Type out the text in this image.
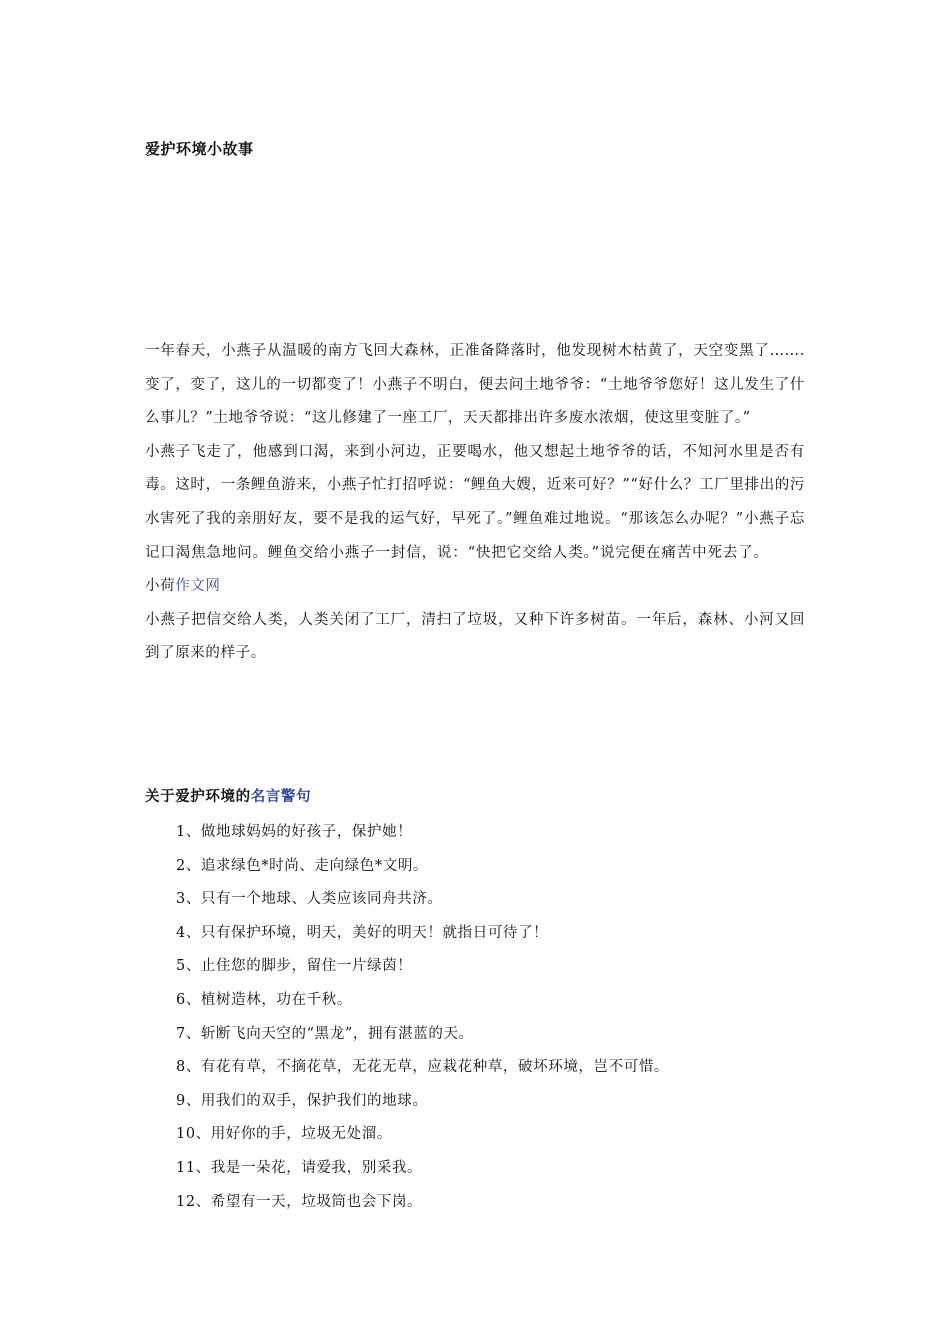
爱护环境小故事

一年春天，小燕子从温暖的南方飞回大森林，正准备降落时，他发现树木枯黄了，天空变黑了…….变了，变了，这儿的一切都变了！小燕子不明白，便去问土地爷爷：“土地爷爷您好！这儿发生了什么事儿？”土地爷爷说：“这儿修建了一座工厂，天天都排出许多废水浓烟，使这里变脏了。”

小燕子飞走了，他感到口渴，来到小河边，正要喝水，他又想起土地爷爷的话，不知河水里是否有毒。这时，一条鲤鱼游来，小燕子忙打招呼说：“鲤鱼大嫂，近来可好？”“好什么？工厂里排出的污水害死了我的亲朋好友，要不是我的运气好，早死了。”鲤鱼难过地说。“那该怎么办呢？”小燕子忘记口渴焦急地问。鲤鱼交给小燕子一封信，说：“快把它交给人类。”说完便在痛苦中死去了。小荷作文网

小燕子把信交给人类，人类关闭了工厂，清扫了垃圾，又种下许多树苗。一年后，森林、小河又回到了原来的样子。

关于爱护环境的名言警句
1、做地球妈妈的好孩子，保护她！
2、追求绿色*时尚、走向绿色*文明。
3、只有一个地球、人类应该同舟共济。
4、只有保护环境，明天，美好的明天！就指日可待了！
5、止住您的脚步，留住一片绿茵！
6、植树造林，功在千秋。
7、斩断飞向天空的“黑龙”，拥有湛蓝的天。
8、有花有草，不摘花草，无花无草，应栽花种草，破坏环境，岂不可惜。
9、用我们的双手，保护我们的地球。
10、用好你的手，垃圾无处溜。
11、我是一朵花，请爱我，别采我。
12、希望有一天，垃圾筒也会下岗。
